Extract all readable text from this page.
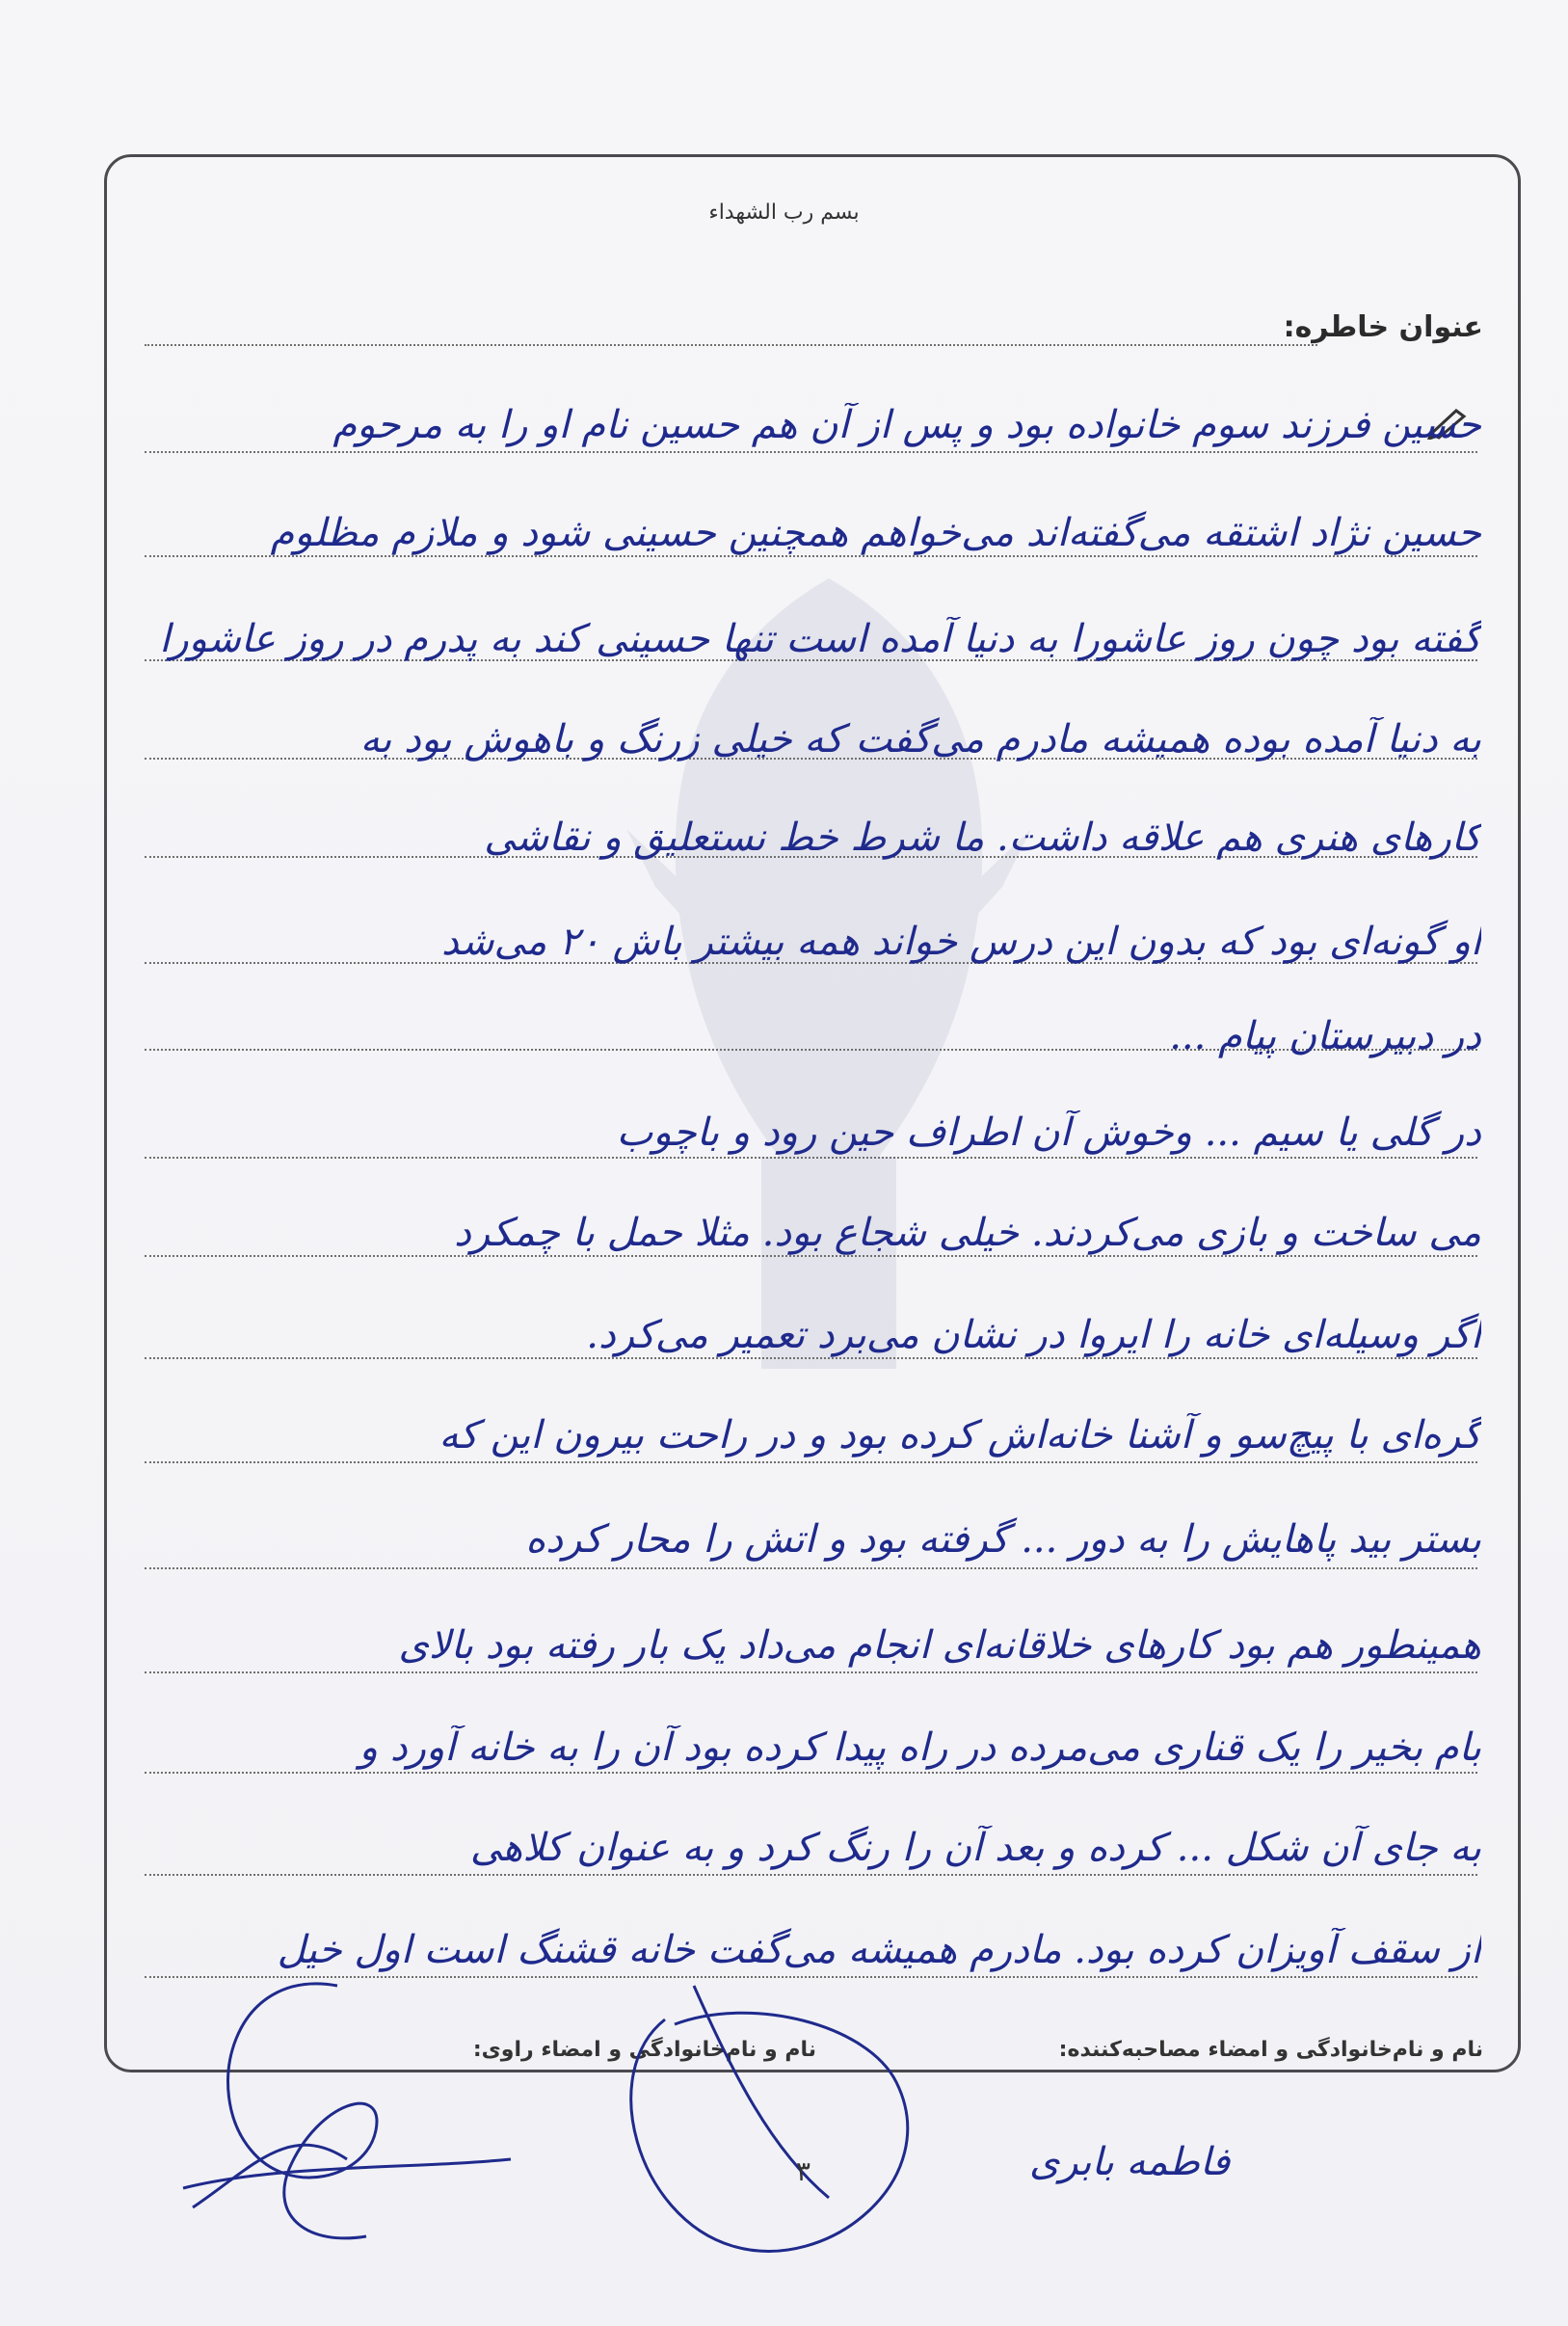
بسم رب الشهداء
عنوان خاطره:
حسین فرزند سوم خانواده بود و پس از آن هم حسین نام او را به مرحوم
حسین نژاد اشتقه می‌گفته‌اند می‌خواهم همچنین حسینی شود و ملازم مظلوم
گفته بود چون روز عاشورا به دنیا آمده است تنها حسینی کند به پدرم در روز عاشورا
به دنیا آمده بوده همیشه مادرم می‌گفت که خیلی زرنگ و باهوش بود به
کارهای هنری هم علاقه داشت. ما شرط خط نستعلیق و نقاشی
او گونه‌ای بود که بدون این درس خواند همه بیشتر باش ۲۰ می‌شد
در دبیرستان پیام ...
در گلی یا سیم ... وخوش آن اطراف حین رود و باچوب
می ساخت و بازی می‌کردند. خیلی شجاع بود. مثلا حمل با چمکرد
اگر وسیله‌ای خانه را ایروا در نشان می‌برد تعمیر می‌کرد.
گره‌ای با پیچ‌سو و آشنا خانه‌اش کرده بود و در راحت بیرون این که
بستر بید پاهایش را به دور ... گرفته بود و اتش را محار کرده
همینطور هم بود کارهای خلاقانه‌ای انجام می‌داد یک بار رفته بود بالای
بام بخیر را یک قناری می‌مرده در راه پیدا کرده بود آن را به خانه آورد و
به جای آن شکل ... کرده و بعد آن را رنگ کرد و به عنوان کلاهی
از سقف آویزان کرده بود. مادرم همیشه می‌گفت خانه قشنگ است اول خیل
نام و نام‌خانوادگی و امضاء مصاحبه‌کننده:
نام و نام‌خانوادگی و امضاء راوی:
۳	فاطمه بابری
